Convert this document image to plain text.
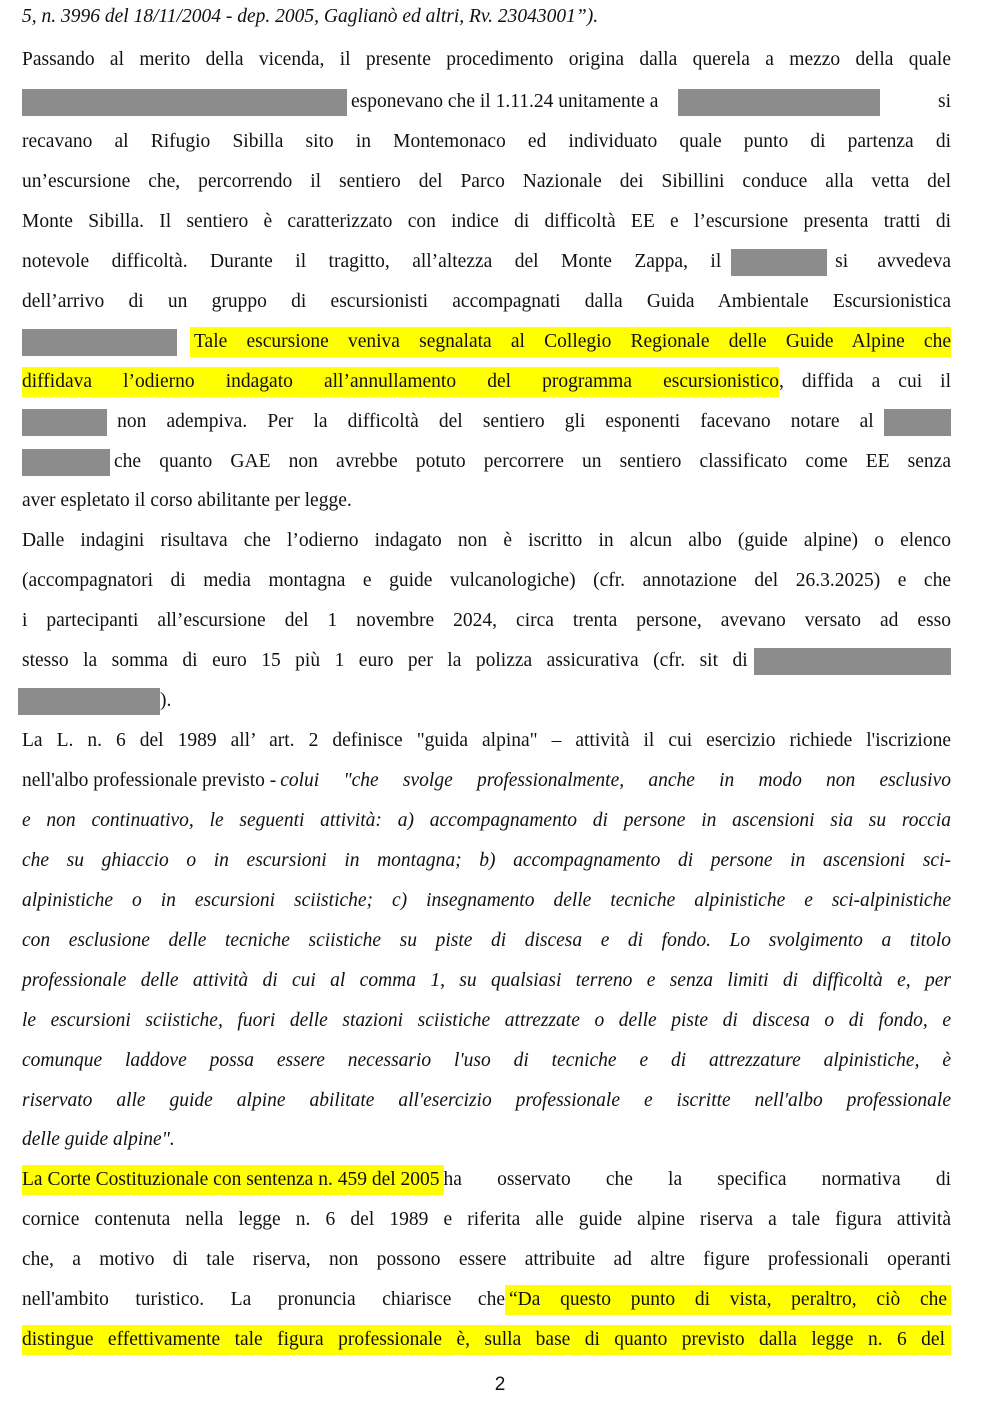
5, n. 3996 del 18/11/2004 - dep. 2005, Gaglianò ed altri, Rv. 23043001”).
Passando al merito della vicenda, il presente procedimento origina dalla querela a mezzo della quale
esponevano che il 1.11.24 unitamente a	si
recavano al Rifugio Sibilla sito in Montemonaco ed individuato quale punto di partenza di
un’escursione che, percorrendo il sentiero del Parco Nazionale dei Sibillini conduce alla vetta del
Monte Sibilla. Il sentiero è caratterizzato con indice di difficoltà EE e l’escursione presenta tratti di
notevole difficoltà. Durante il tragitto, all’altezza del Monte Zappa, il	si avvedeva
dell’arrivo di un gruppo di escursionisti accompagnati dalla Guida Ambientale Escursionistica
Tale escursione veniva segnalata al Collegio Regionale delle Guide Alpine che
diffidava l’odierno indagato all’annullamento del programma escursionistico , diffida a cui il
non adempiva. Per la difficoltà del sentiero gli esponenti facevano notare al
che quanto GAE non avrebbe potuto percorrere un sentiero classificato come EE senza
aver espletato il corso abilitante per legge.
Dalle indagini risultava che l’odierno indagato non è iscritto in alcun albo (guide alpine) o elenco
(accompagnatori di media montagna e guide vulcanologiche) (cfr. annotazione del 26.3.2025) e che
i partecipanti all’escursione del 1 novembre 2024, circa trenta persone, avevano versato ad esso
stesso la somma di euro 15 più 1 euro per la polizza assicurativa (cfr. sit di
).
La L. n. 6 del 1989 all’ art. 2 definisce "guida alpina" – attività il cui esercizio richiede l'iscrizione
nell'albo professionale previsto - colui "che svolge professionalmente, anche in modo non esclusivo
e non continuativo, le seguenti attività: a) accompagnamento di persone in ascensioni sia su roccia
che su ghiaccio o in escursioni in montagna; b) accompagnamento di persone in ascensioni sci-
alpinistiche o in escursioni sciistiche; c) insegnamento delle tecniche alpinistiche e sci-alpinistiche
con esclusione delle tecniche sciistiche su piste di discesa e di fondo. Lo svolgimento a titolo
professionale delle attività di cui al comma 1, su qualsiasi terreno e senza limiti di difficoltà e, per
le escursioni sciistiche, fuori delle stazioni sciistiche attrezzate o delle piste di discesa o di fondo, e
comunque laddove possa essere necessario l'uso di tecniche e di attrezzature alpinistiche, è
riservato alle guide alpine abilitate all'esercizio professionale e iscritte nell'albo professionale
delle guide alpine".
La Corte Costituzionale con sentenza n. 459 del 2005 ha osservato che la specifica normativa di
cornice contenuta nella legge n. 6 del 1989 e riferita alle guide alpine riserva a tale figura attività
che, a motivo di tale riserva, non possono essere attribuite ad altre figure professionali operanti
nell'ambito turistico. La pronuncia chiarisce che “Da questo punto di vista, peraltro, ciò che
distingue effettivamente tale figura professionale è, sulla base di quanto previsto dalla legge n. 6 del
2
